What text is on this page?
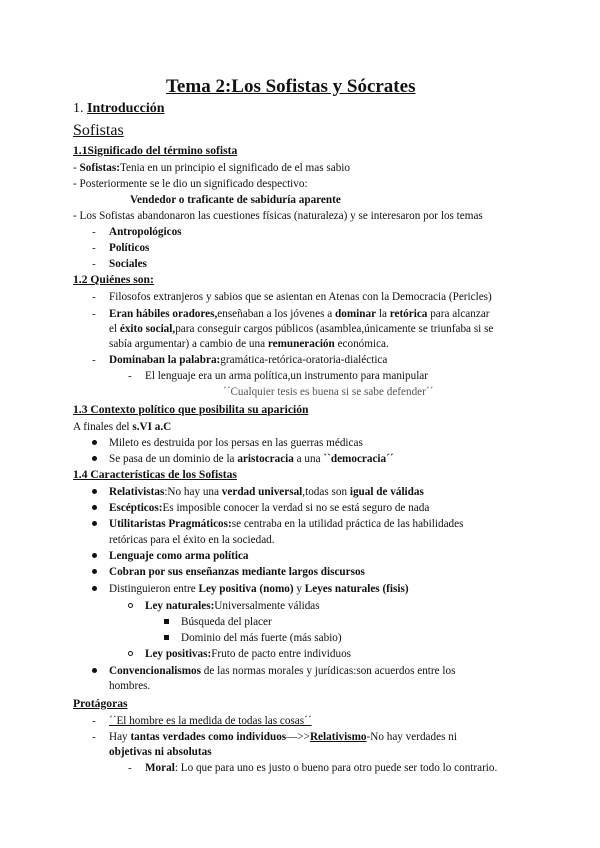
Tema 2:Los Sofistas y Sócrates
1. Introducción
Sofistas
1.1Significado del término sofista
- Sofistas:Tenia en un principio el significado de el mas sabio
- Posteriormente se le dio un significado despectivo:
Vendedor o traficante de sabiduría aparente
- Los Sofistas abandonaron las cuestiones físicas (naturaleza) y se interesaron por los temas
- Antropológicos
- Políticos
- Sociales
1.2 Quiénes son:
- Filosofos extranjeros y sabios que se asientan en Atenas con la Democracia (Pericles)
- Eran hábiles oradores,enseñaban a los jóvenes a dominar la retórica para alcanzar
el éxito social,para conseguir cargos públicos (asamblea,únicamente se triunfaba si se
sabía argumentar) a cambio de una remuneración económica.
- Dominaban la palabra:gramática-retórica-oratoria-dialéctica
- El lenguaje era un arma política,un instrumento para manipular
´´Cualquier tesis es buena si se sabe defender´´
1.3 Contexto político que posibilita su aparición
A finales del s.VI a.C
Mileto es destruida por los persas en las guerras médicas
Se pasa de un dominio de la aristocracia a una ``democracia´´
1.4 Características de los Sofistas
Relativistas:No hay una verdad universal,todas son igual de válidas
Escépticos:Es imposible conocer la verdad si no se está seguro de nada
Utilitaristas Pragmáticos:se centraba en la utilidad práctica de las habilidades
retóricas para el éxito en la sociedad.
Lenguaje como arma política
Cobran por sus enseñanzas mediante largos discursos
Distinguieron entre Ley positiva (nomo) y Leyes naturales (fisis)
Ley naturales:Universalmente válidas
Búsqueda del placer
Dominio del más fuerte (más sabio)
Ley positivas:Fruto de pacto entre individuos
Convencionalismos de las normas morales y jurídicas:son acuerdos entre los
hombres.
Protágoras
- ´´El hombre es la medida de todas las cosas´´
- Hay tantas verdades como individuos—>>Relativismo-No hay verdades ni
objetivas ni absolutas
- Moral: Lo que para uno es justo o bueno para otro puede ser todo lo contrario.
